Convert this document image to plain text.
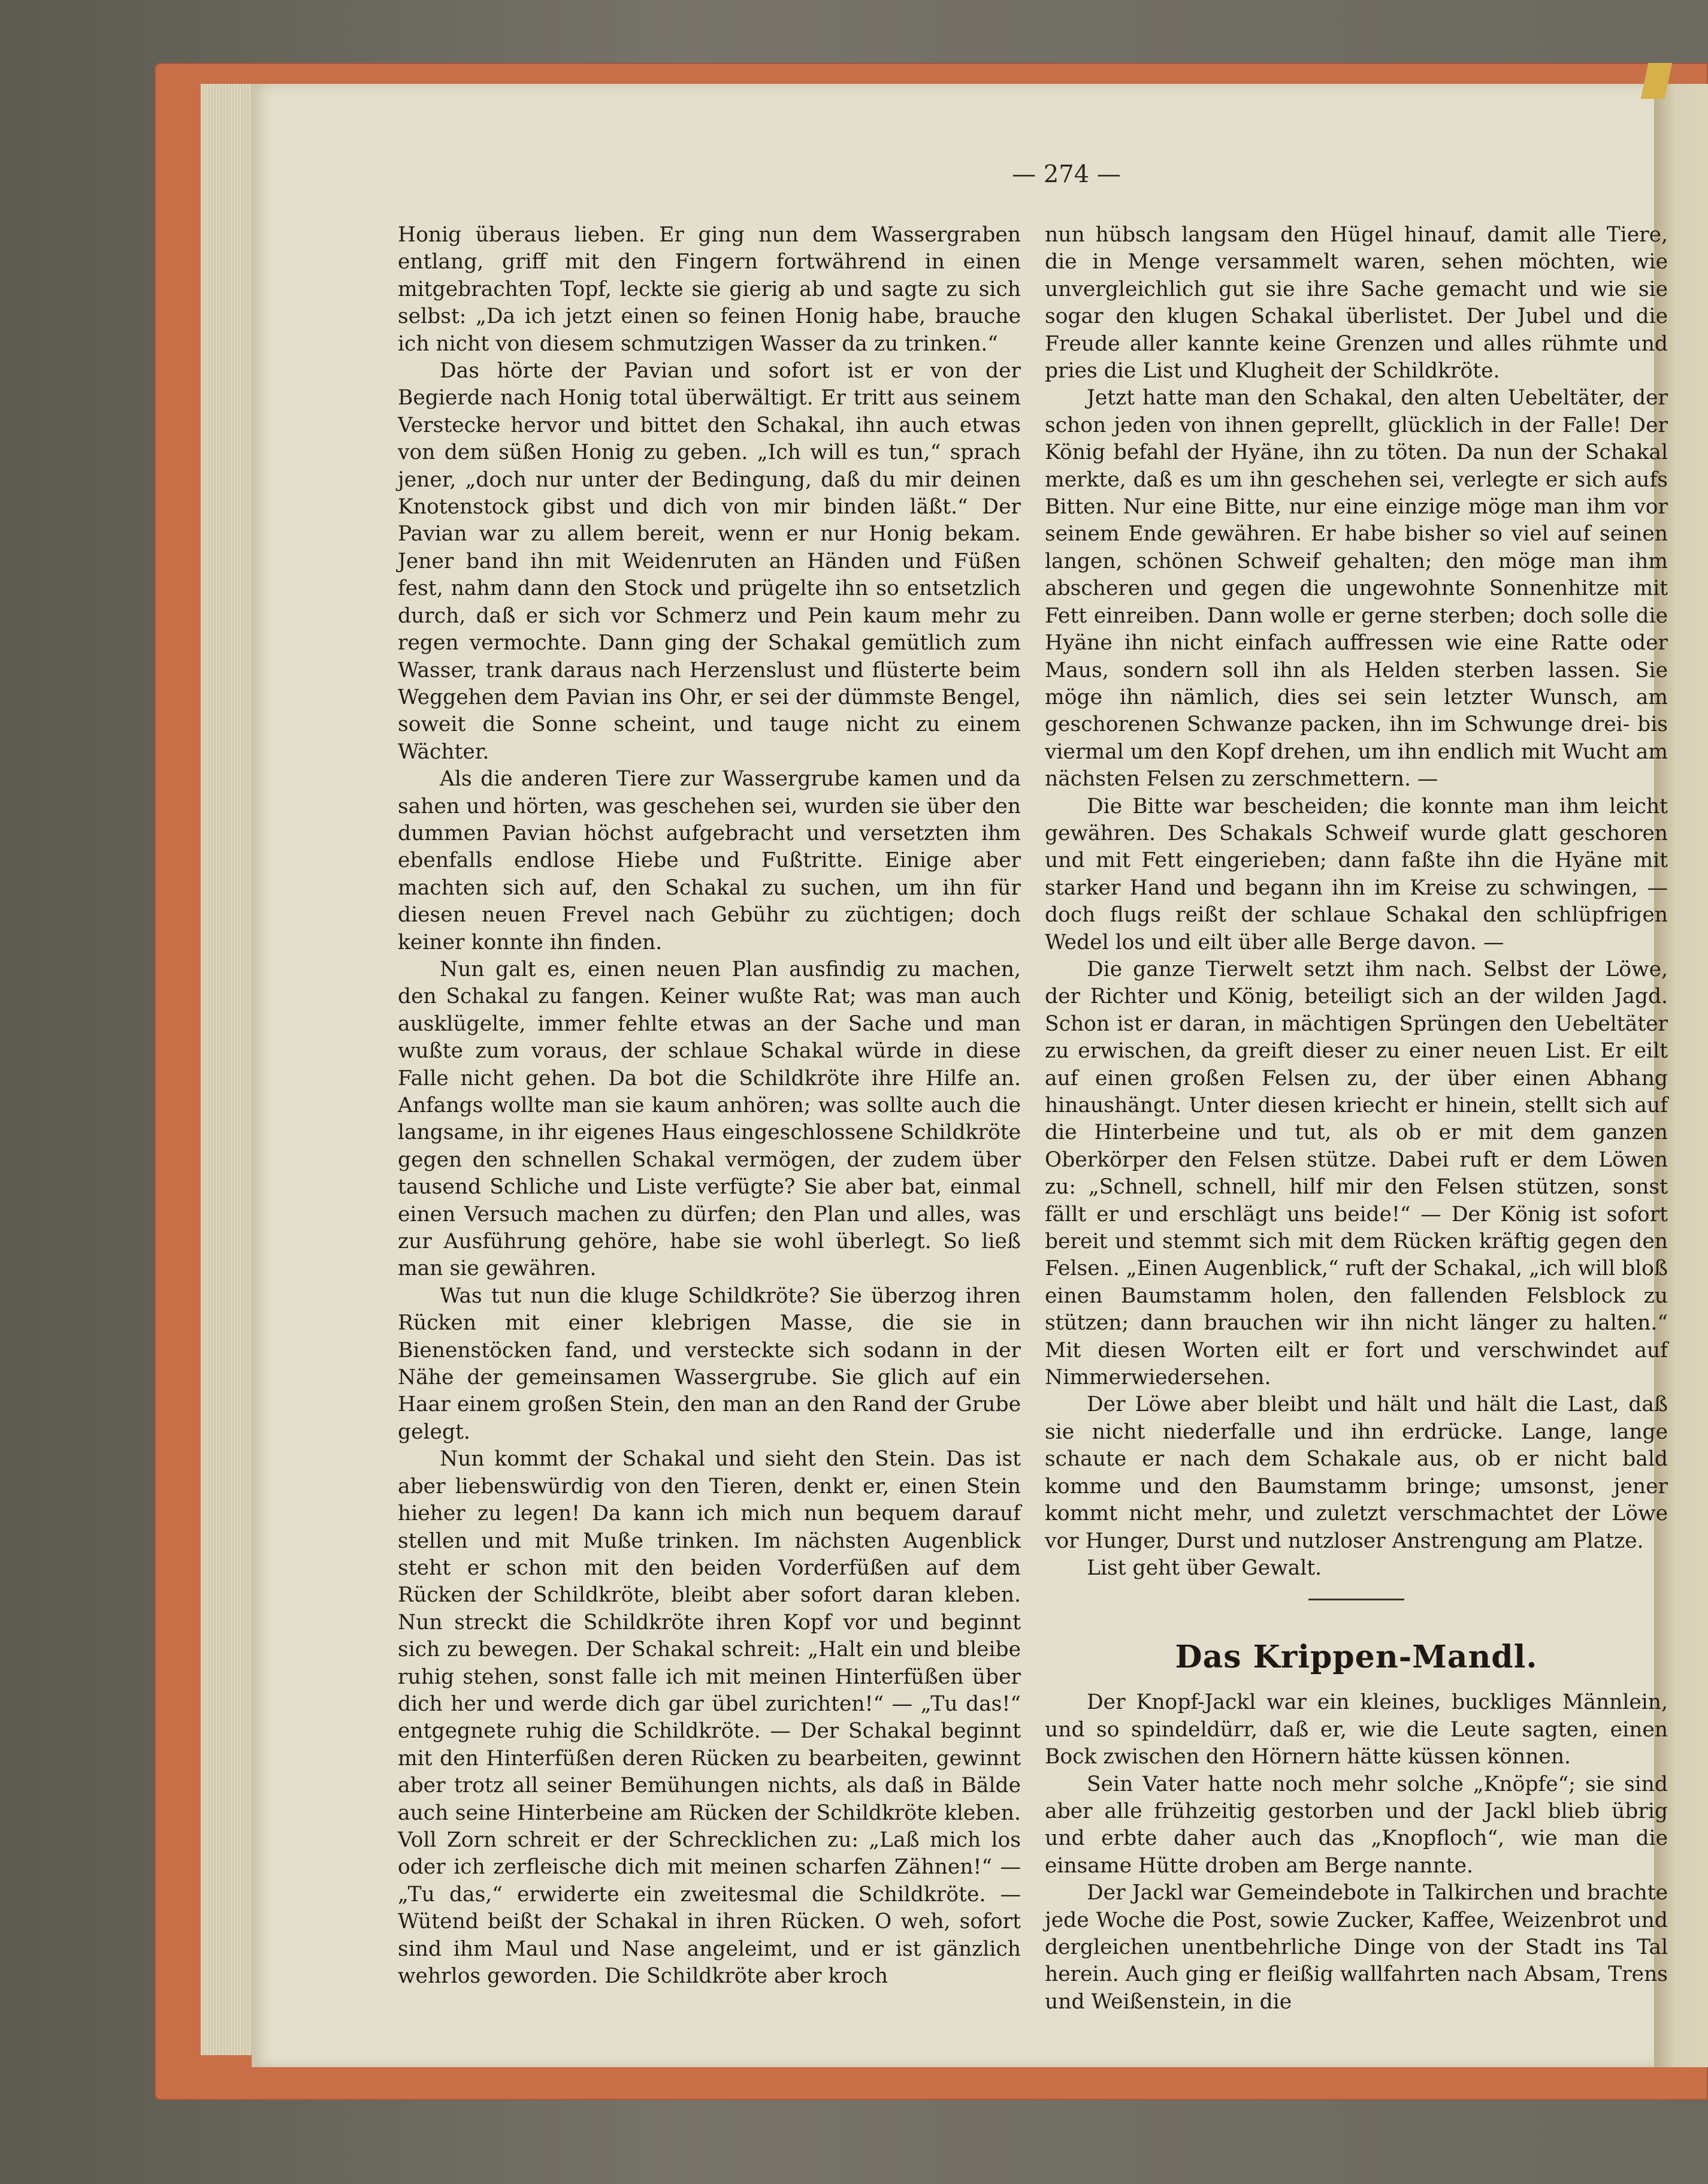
— 274 —

Honig überaus lieben. Er ging nun dem Wassergraben entlang, griff mit den Fingern fortwährend in einen mitgebrachten Topf, leckte sie gierig ab und sagte zu sich selbst: „Da ich jetzt einen so feinen Honig habe, brauche ich nicht von diesem schmutzigen Wasser da zu trinken.“

Das hörte der Pavian und sofort ist er von der Begierde nach Honig total überwältigt. Er tritt aus seinem Verstecke hervor und bittet den Schakal, ihn auch etwas von dem süßen Honig zu geben. „Ich will es tun,“ sprach jener, „doch nur unter der Bedingung, daß du mir deinen Knotenstock gibst und dich von mir binden läßt.“ Der Pavian war zu allem bereit, wenn er nur Honig bekam. Jener band ihn mit Weidenruten an Händen und Füßen fest, nahm dann den Stock und prügelte ihn so entsetzlich durch, daß er sich vor Schmerz und Pein kaum mehr zu regen vermochte. Dann ging der Schakal gemütlich zum Wasser, trank daraus nach Herzenslust und flüsterte beim Weggehen dem Pavian ins Ohr, er sei der dümmste Bengel, soweit die Sonne scheint, und tauge nicht zu einem Wächter.

Als die anderen Tiere zur Wassergrube kamen und da sahen und hörten, was geschehen sei, wurden sie über den dummen Pavian höchst aufgebracht und versetzten ihm ebenfalls endlose Hiebe und Fußtritte. Einige aber machten sich auf, den Schakal zu suchen, um ihn für diesen neuen Frevel nach Gebühr zu züchtigen; doch keiner konnte ihn finden.

Nun galt es, einen neuen Plan ausfindig zu machen, den Schakal zu fangen. Keiner wußte Rat; was man auch ausklügelte, immer fehlte etwas an der Sache und man wußte zum voraus, der schlaue Schakal würde in diese Falle nicht gehen. Da bot die Schildkröte ihre Hilfe an. Anfangs wollte man sie kaum anhören; was sollte auch die langsame, in ihr eigenes Haus eingeschlossene Schildkröte gegen den schnellen Schakal vermögen, der zudem über tausend Schliche und Liste verfügte? Sie aber bat, einmal einen Versuch machen zu dürfen; den Plan und alles, was zur Ausführung gehöre, habe sie wohl überlegt. So ließ man sie gewähren.

Was tut nun die kluge Schildkröte? Sie überzog ihren Rücken mit einer klebrigen Masse, die sie in Bienenstöcken fand, und versteckte sich sodann in der Nähe der gemeinsamen Wassergrube. Sie glich auf ein Haar einem großen Stein, den man an den Rand der Grube gelegt.

Nun kommt der Schakal und sieht den Stein. Das ist aber liebenswürdig von den Tieren, denkt er, einen Stein hieher zu legen! Da kann ich mich nun bequem darauf stellen und mit Muße trinken. Im nächsten Augenblick steht er schon mit den beiden Vorderfüßen auf dem Rücken der Schildkröte, bleibt aber sofort daran kleben. Nun streckt die Schildkröte ihren Kopf vor und beginnt sich zu bewegen. Der Schakal schreit: „Halt ein und bleibe ruhig stehen, sonst falle ich mit meinen Hinterfüßen über dich her und werde dich gar übel zurichten!“ — „Tu das!“ entgegnete ruhig die Schildkröte. — Der Schakal beginnt mit den Hinterfüßen deren Rücken zu bearbeiten, gewinnt aber trotz all seiner Bemühungen nichts, als daß in Bälde auch seine Hinterbeine am Rücken der Schildkröte kleben. Voll Zorn schreit er der Schrecklichen zu: „Laß mich los oder ich zerfleische dich mit meinen scharfen Zähnen!“ — „Tu das,“ erwiderte ein zweitesmal die Schildkröte. — Wütend beißt der Schakal in ihren Rücken. O weh, sofort sind ihm Maul und Nase angeleimt, und er ist gänzlich wehrlos geworden. Die Schildkröte aber kroch

nun hübsch langsam den Hügel hinauf, damit alle Tiere, die in Menge versammelt waren, sehen möchten, wie unvergleichlich gut sie ihre Sache gemacht und wie sie sogar den klugen Schakal überlistet. Der Jubel und die Freude aller kannte keine Grenzen und alles rühmte und pries die List und Klugheit der Schildkröte.

Jetzt hatte man den Schakal, den alten Uebeltäter, der schon jeden von ihnen geprellt, glücklich in der Falle! Der König befahl der Hyäne, ihn zu töten. Da nun der Schakal merkte, daß es um ihn geschehen sei, verlegte er sich aufs Bitten. Nur eine Bitte, nur eine einzige möge man ihm vor seinem Ende gewähren. Er habe bisher so viel auf seinen langen, schönen Schweif gehalten; den möge man ihm abscheren und gegen die ungewohnte Sonnenhitze mit Fett einreiben. Dann wolle er gerne sterben; doch solle die Hyäne ihn nicht einfach auffressen wie eine Ratte oder Maus, sondern soll ihn als Helden sterben lassen. Sie möge ihn nämlich, dies sei sein letzter Wunsch, am geschorenen Schwanze packen, ihn im Schwunge drei- bis viermal um den Kopf drehen, um ihn endlich mit Wucht am nächsten Felsen zu zerschmettern. —

Die Bitte war bescheiden; die konnte man ihm leicht gewähren. Des Schakals Schweif wurde glatt geschoren und mit Fett eingerieben; dann faßte ihn die Hyäne mit starker Hand und begann ihn im Kreise zu schwingen, — doch flugs reißt der schlaue Schakal den schlüpfrigen Wedel los und eilt über alle Berge davon. —

Die ganze Tierwelt setzt ihm nach. Selbst der Löwe, der Richter und König, beteiligt sich an der wilden Jagd. Schon ist er daran, in mächtigen Sprüngen den Uebeltäter zu erwischen, da greift dieser zu einer neuen List. Er eilt auf einen großen Felsen zu, der über einen Abhang hinaushängt. Unter diesen kriecht er hinein, stellt sich auf die Hinterbeine und tut, als ob er mit dem ganzen Oberkörper den Felsen stütze. Dabei ruft er dem Löwen zu: „Schnell, schnell, hilf mir den Felsen stützen, sonst fällt er und erschlägt uns beide!“ — Der König ist sofort bereit und stemmt sich mit dem Rücken kräftig gegen den Felsen. „Einen Augenblick,“ ruft der Schakal, „ich will bloß einen Baumstamm holen, den fallenden Felsblock zu stützen; dann brauchen wir ihn nicht länger zu halten.“ Mit diesen Worten eilt er fort und verschwindet auf Nimmerwiedersehen.

Der Löwe aber bleibt und hält und hält die Last, daß sie nicht niederfalle und ihn erdrücke. Lange, lange schaute er nach dem Schakale aus, ob er nicht bald komme und den Baumstamm bringe; umsonst, jener kommt nicht mehr, und zuletzt verschmachtet der Löwe vor Hunger, Durst und nutzloser Anstrengung am Platze.

List geht über Gewalt.

Das Krippen-Mandl.

Der Knopf-Jackl war ein kleines, buckliges Männlein, und so spindeldürr, daß er, wie die Leute sagten, einen Bock zwischen den Hörnern hätte küssen können.

Sein Vater hatte noch mehr solche „Knöpfe“; sie sind aber alle frühzeitig gestorben und der Jackl blieb übrig und erbte daher auch das „Knopfloch“, wie man die einsame Hütte droben am Berge nannte.

Der Jackl war Gemeindebote in Talkirchen und brachte jede Woche die Post, sowie Zucker, Kaffee, Weizenbrot und dergleichen unentbehrliche Dinge von der Stadt ins Tal herein. Auch ging er fleißig wallfahrten nach Absam, Trens und Weißenstein, in die
